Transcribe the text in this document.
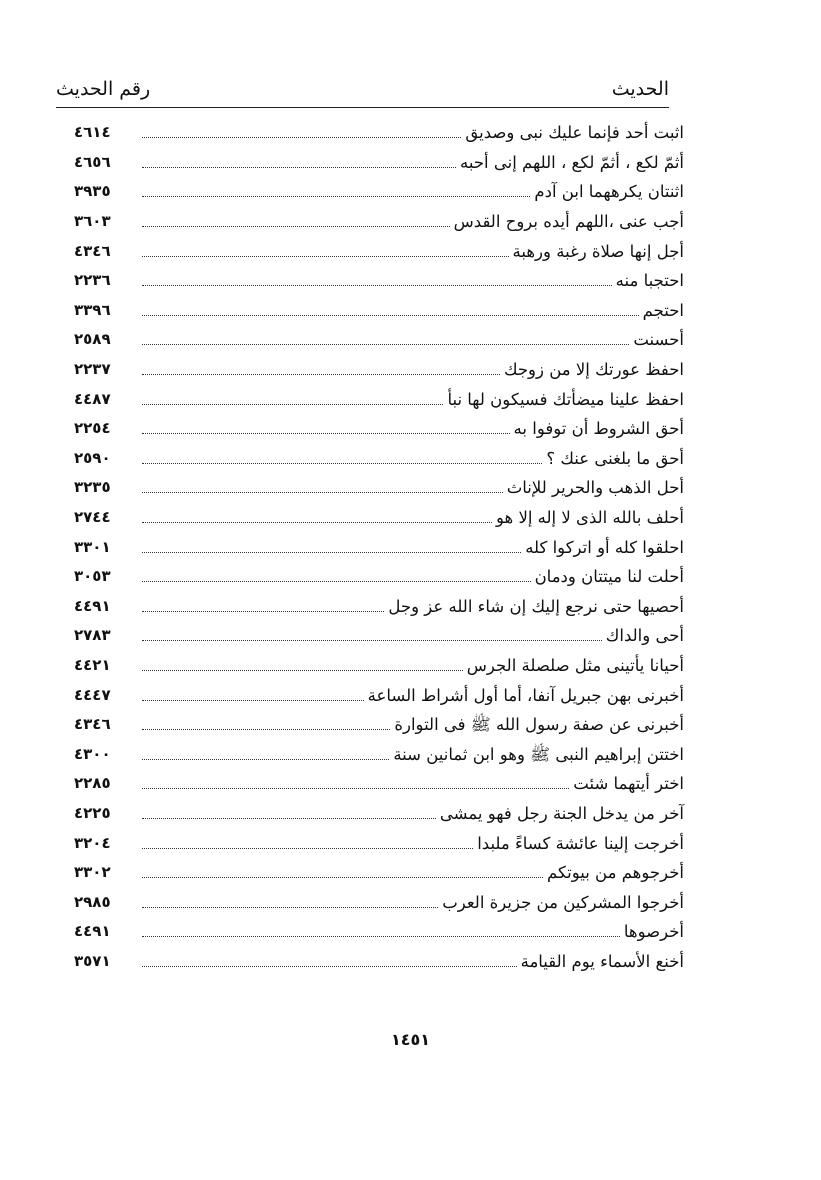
الحديث
رقم الحديث
اثبت أحد فإنما عليك نبى وصديق
٤٦١٤
أثمّ لكع ، أثمّ لكع ، اللهم إنى أحبه
٤٦٥٦
اثنتان يكرههما ابن آدم
٣٩٣٥
أجب عنى ،اللهم أيده بروح القدس
٣٦٠٣
أجل إنها صلاة رغبة ورهبة
٤٣٤٦
احتجبا منه
٢٢٣٦
احتجم
٣٣٩٦
أحسنت
٢٥٨٩
احفظ عورتك إلا من زوجك
٢٢٣٧
احفظ علينا ميضأتك فسيكون لها نبأ
٤٤٨٧
أحق الشروط أن توفوا به
٢٢٥٤
أحق ما بلغنى عنك ؟
٢٥٩٠
أحل الذهب والحرير للإناث
٣٢٣٥
أحلف بالله الذى لا إله إلا هو
٢٧٤٤
احلقوا كله أو اتركوا كله
٣٣٠١
أحلت لنا ميتتان ودمان
٣٠٥٣
أحصيها حتى نرجع إليك إن شاء الله عز وجل
٤٤٩١
أحى والداك
٢٧٨٣
أحيانا يأتينى مثل صلصلة الجرس
٤٤٢١
أخبرنى بهن جبريل آنفا، أما أول أشراط الساعة
٤٤٤٧
أخبرنى عن صفة رسول الله ﷺ فى التوارة
٤٣٤٦
اختتن إبراهيم النبى ﷺ وهو ابن ثمانين سنة
٤٣٠٠
اختر أيتهما شئت
٢٢٨٥
آخر من يدخل الجنة رجل فهو يمشى
٤٢٢٥
أخرجت إلينا عائشة كساءً ملبدا
٣٢٠٤
أخرجوهم من بيوتكم
٣٣٠٢
أخرجوا المشركين من جزيرة العرب
٢٩٨٥
أخرصوها
٤٤٩١
أخنع الأسماء يوم القيامة
٣٥٧١
١٤٥١
